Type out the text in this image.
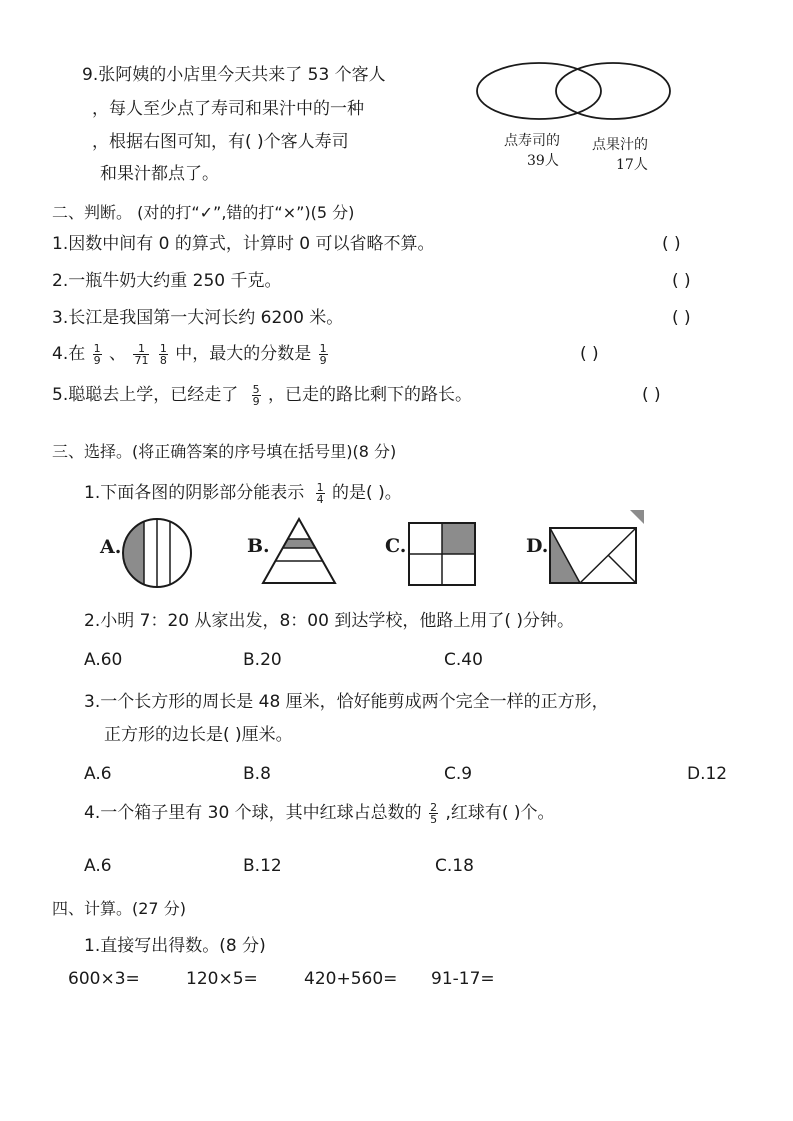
9.张阿姨的小店里今天共来了 53 个客人
，每人至少点了寿司和果汁中的一种
，根据右图可知，有( )个客人寿司
和果汁都点了。
点寿司的
39人
点果汁的
17人
二、判断。 (对的打“✓”,错的打“×”)(5 分)
1.因数中间有 0 的算式，计算时 0 可以省略不算。	( )
2.一瓶牛奶大约重 250 千克。	( )
3.长江是我国第一大河长约 6200 米。	( )
4.在 $\frac{1}{9}$ 、 $\frac{1}{71}$
$\frac{1}{8}$ 中，最大的分数是 $\frac{1}{9}$	( )
5.聪聪去上学，已经走了 $\frac{5}{9}$ ，已走的路比剩下的路长。	( )
三、选择。(将正确答案的序号填在括号里)(8 分)
1.下面各图的阴影部分能表示 $\frac{1}{4}$ 的是( )。
A.	B.	C.	D.
2.小明 7：20 从家出发，8：00 到达学校，他路上用了( )分钟。
A.60	B.20	C.40
3.一个长方形的周长是 48 厘米，恰好能剪成两个完全一样的正方形，
正方形的边长是( )厘米。
A.6	B.8	C.9	D.12
4.一个箱子里有 30 个球，其中红球占总数的 $\frac{2}{5}$ ,红球有( )个。
A.6	B.12	C.18
四、计算。(27 分)
1.直接写出得数。(8 分)
600×3=	120×5=	420+560= 91-17=
